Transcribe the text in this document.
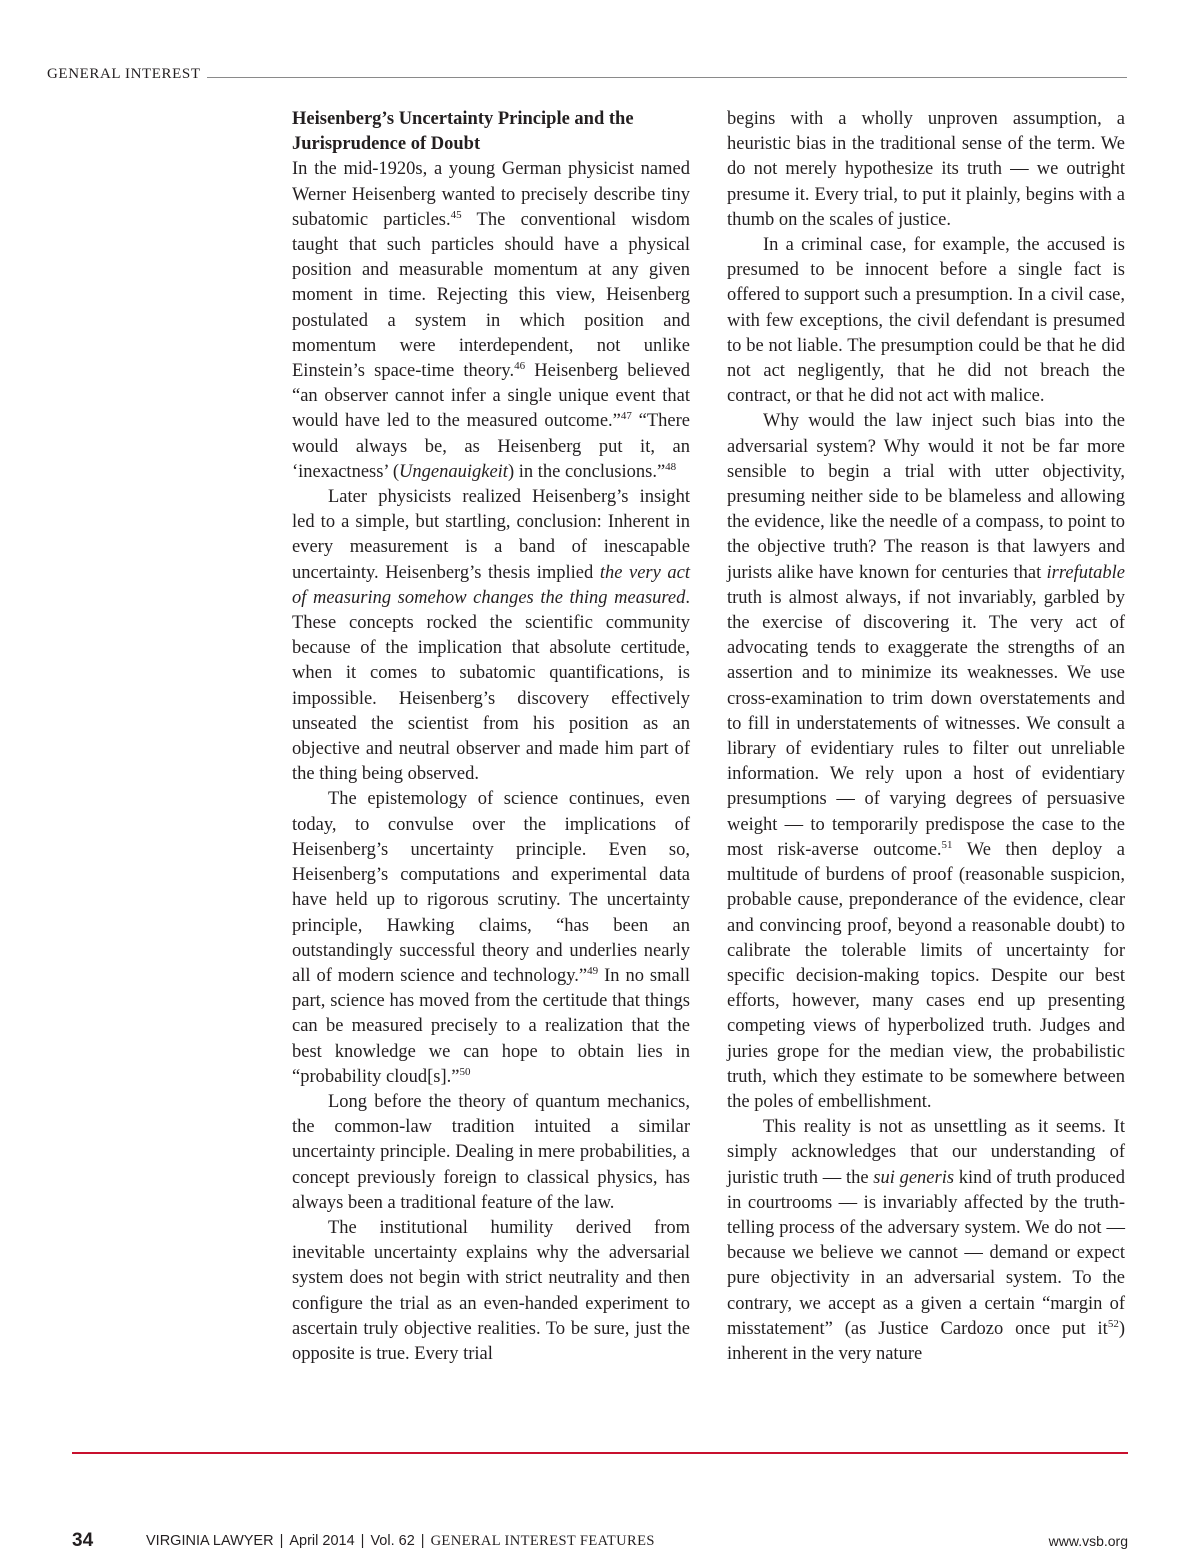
GENERAL INTEREST
Heisenberg’s Uncertainty Principle and the Jurisprudence of Doubt

In the mid-1920s, a young German physicist named Werner Heisenberg wanted to precisely describe tiny subatomic particles.$^{45}$ The conventional wisdom taught that such particles should have a physical position and measurable momentum at any given moment in time. Rejecting this view, Heisenberg postulated a system in which position and momentum were interdependent, not unlike Einstein’s space-time theory.$^{46}$ Heisenberg believed “an observer cannot infer a single unique event that would have led to the measured outcome.”$^{47}$ “There would always be, as Heisenberg put it, an ‘inexactness’ (Ungenauigkeit) in the conclusions.”$^{48}$

Later physicists realized Heisenberg’s insight led to a simple, but startling, conclusion: Inherent in every measurement is a band of inescapable uncertainty. Heisenberg’s thesis implied the very act of measuring somehow changes the thing measured. These concepts rocked the scientific community because of the implication that absolute certitude, when it comes to subatomic quantifications, is impossible. Heisenberg’s discovery effectively unseated the scientist from his position as an objective and neutral observer and made him part of the thing being observed.

The epistemology of science continues, even today, to convulse over the implications of Heisenberg’s uncertainty principle. Even so, Heisenberg’s computations and experimental data have held up to rigorous scrutiny. The uncertainty principle, Hawking claims, “has been an outstandingly successful theory and underlies nearly all of modern science and technology.”$^{49}$ In no small part, science has moved from the certitude that things can be measured precisely to a realization that the best knowledge we can hope to obtain lies in “probability cloud[s].”$^{50}$

Long before the theory of quantum mechanics, the common-law tradition intuited a similar uncertainty principle. Dealing in mere probabilities, a concept previously foreign to classical physics, has always been a traditional feature of the law.

The institutional humility derived from inevitable uncertainty explains why the adversarial system does not begin with strict neutrality and then configure the trial as an even-handed experiment to ascertain truly objective realities. To be sure, just the opposite is true. Every trial

begins with a wholly unproven assumption, a heuristic bias in the traditional sense of the term. We do not merely hypothesize its truth — we outright presume it. Every trial, to put it plainly, begins with a thumb on the scales of justice.

In a criminal case, for example, the accused is presumed to be innocent before a single fact is offered to support such a presumption. In a civil case, with few exceptions, the civil defendant is presumed to be not liable. The presumption could be that he did not act negligently, that he did not breach the contract, or that he did not act with malice.

Why would the law inject such bias into the adversarial system? Why would it not be far more sensible to begin a trial with utter objectivity, presuming neither side to be blameless and allowing the evidence, like the needle of a compass, to point to the objective truth? The reason is that lawyers and jurists alike have known for centuries that irrefutable truth is almost always, if not invariably, garbled by the exercise of discovering it. The very act of advocating tends to exaggerate the strengths of an assertion and to minimize its weaknesses. We use cross-examination to trim down overstatements and to fill in understatements of witnesses. We consult a library of evidentiary rules to filter out unreliable information. We rely upon a host of evidentiary presumptions — of varying degrees of persuasive weight — to temporarily predispose the case to the most risk-averse outcome.$^{51}$ We then deploy a multitude of burdens of proof (reasonable suspicion, probable cause, preponderance of the evidence, clear and convincing proof, beyond a reasonable doubt) to calibrate the tolerable limits of uncertainty for specific decision-making topics. Despite our best efforts, however, many cases end up presenting competing views of hyperbolized truth. Judges and juries grope for the median view, the probabilistic truth, which they estimate to be somewhere between the poles of embellishment.

This reality is not as unsettling as it seems. It simply acknowledges that our understanding of juristic truth — the sui generis kind of truth produced in courtrooms — is invariably affected by the truth-telling process of the adversary system. We do not — because we believe we cannot — demand or expect pure objectivity in an adversarial system. To the contrary, we accept as a given a certain “margin of misstatement” (as Justice Cardozo once put $it^{52}$) inherent in the very nature

34	VIRGINIA LAWYER | April 2014 | Vol. 62 | GENERAL INTEREST FEATURES	www.vsb.org
